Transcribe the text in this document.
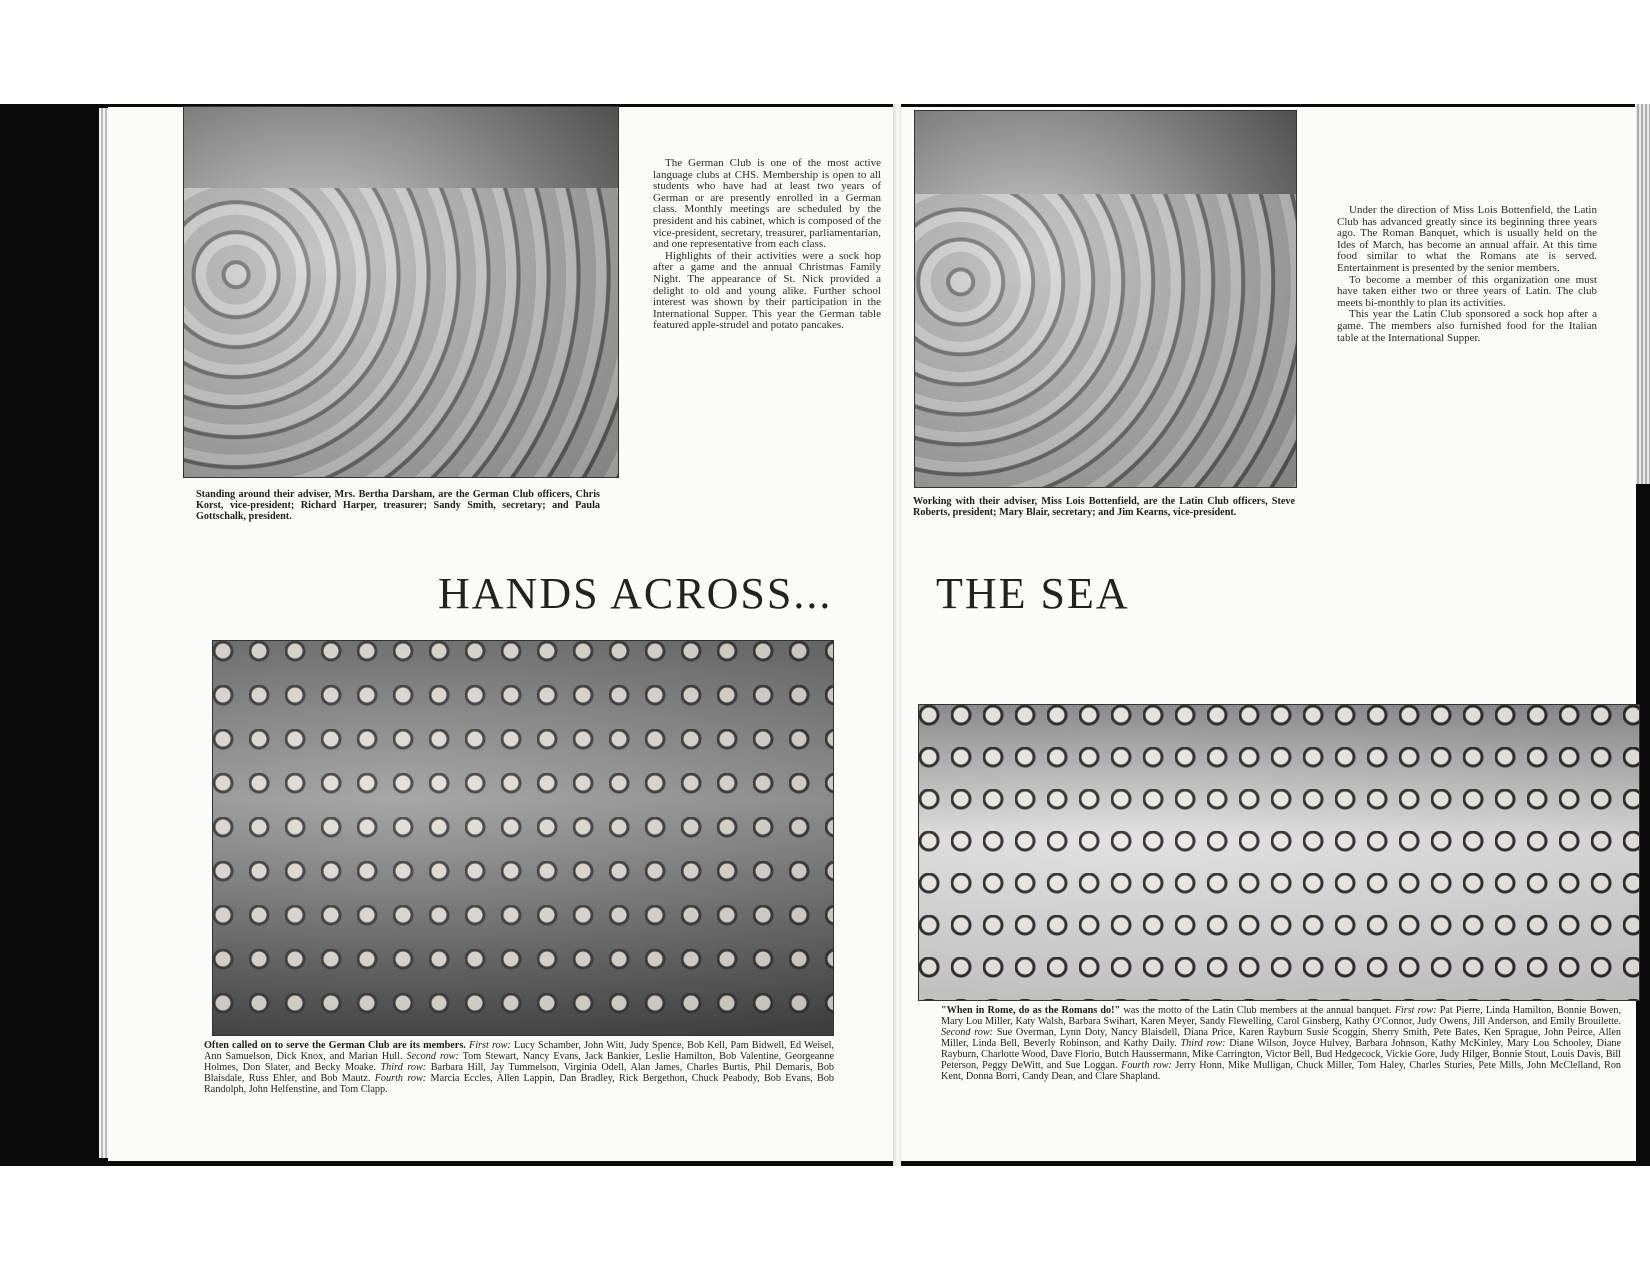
The German Club is one of the most active language clubs at CHS. Membership is open to all students who have had at least two years of German or are presently enrolled in a German class. Monthly meetings are scheduled by the president and his cabinet, which is composed of the vice-president, secretary, treasurer, parliamentarian, and one representative from each class.

Highlights of their activities were a sock hop after a game and the annual Christmas Family Night. The appearance of St. Nick provided a delight to old and young alike. Further school interest was shown by their participation in the International Supper. This year the German table featured apple-strudel and potato pancakes.

Standing around their adviser, Mrs. Bertha Darsham, are the German Club officers, Chris Korst, vice-president; Richard Harper, treasurer; Sandy Smith, secretary; and Paula Gottschalk, president.

Under the direction of Miss Lois Bottenfield, the Latin Club has advanced greatly since its beginning three years ago. The Roman Banquet, which is usually held on the Ides of March, has become an annual affair. At this time food similar to what the Romans ate is served. Entertainment is presented by the senior members.

To become a member of this organization one must have taken either two or three years of Latin. The club meets bi-monthly to plan its activities.

This year the Latin Club sponsored a sock hop after a game. The members also furnished food for the Italian table at the International Supper.

Working with their adviser, Miss Lois Bottenfield, are the Latin Club officers, Steve Roberts, president; Mary Blair, secretary; and Jim Kearns, vice-president.
HANDS ACROSS... THE SEA
Often called on to serve the German Club are its members. First row: Lucy Schamber, John Witt, Judy Spence, Bob Kell, Pam Bidwell, Ed Weisel, Ann Samuelson, Dick Knox, and Marian Hull. Second row: Tom Stewart, Nancy Evans, Jack Bankier, Leslie Hamilton, Bob Valentine, Georgeanne Holmes, Don Slater, and Becky Moake. Third row: Barbara Hill, Jay Tummelson, Virginia Odell, Alan James, Charles Burtis, Phil Demaris, Bob Blaisdale, Russ Ehler, and Bob Mautz. Fourth row: Marcia Eccles, Allen Lappin, Dan Bradley, Rick Bergethon, Chuck Peabody, Bob Evans, Bob Randolph, John Helfenstine, and Tom Clapp.
"When in Rome, do as the Romans do!" was the motto of the Latin Club members at the annual banquet. First row: Pat Pierre, Linda Hamilton, Bonnie Bowen, Mary Lou Miller, Katy Walsh, Barbara Swihart, Karen Meyer, Sandy Flewelling, Carol Ginsberg, Kathy O'Connor, Judy Owens, Jill Anderson, and Emily Brouilette. Second row: Sue Overman, Lynn Doty, Nancy Blaisdell, Diana Price, Karen Rayburn Susie Scoggin, Sherry Smith, Pete Bates, Ken Sprague, John Peirce, Allen Miller, Linda Bell, Beverly Robinson, and Kathy Daily. Third row: Diane Wilson, Joyce Hulvey, Barbara Johnson, Kathy McKinley, Mary Lou Schooley, Diane Rayburn, Charlotte Wood, Dave Florio, Butch Haussermann, Mike Carrington, Victor Bell, Bud Hedgecock, Vickie Gore, Judy Hilger, Bonnie Stout, Louis Davis, Bill Peterson, Peggy DeWitt, and Sue Loggan. Fourth row: Jerry Honn, Mike Mulligan, Chuck Miller, Tom Haley, Charles Sturies, Pete Mills, John McClelland, Ron Kent, Donna Borri, Candy Dean, and Clare Shapland.
